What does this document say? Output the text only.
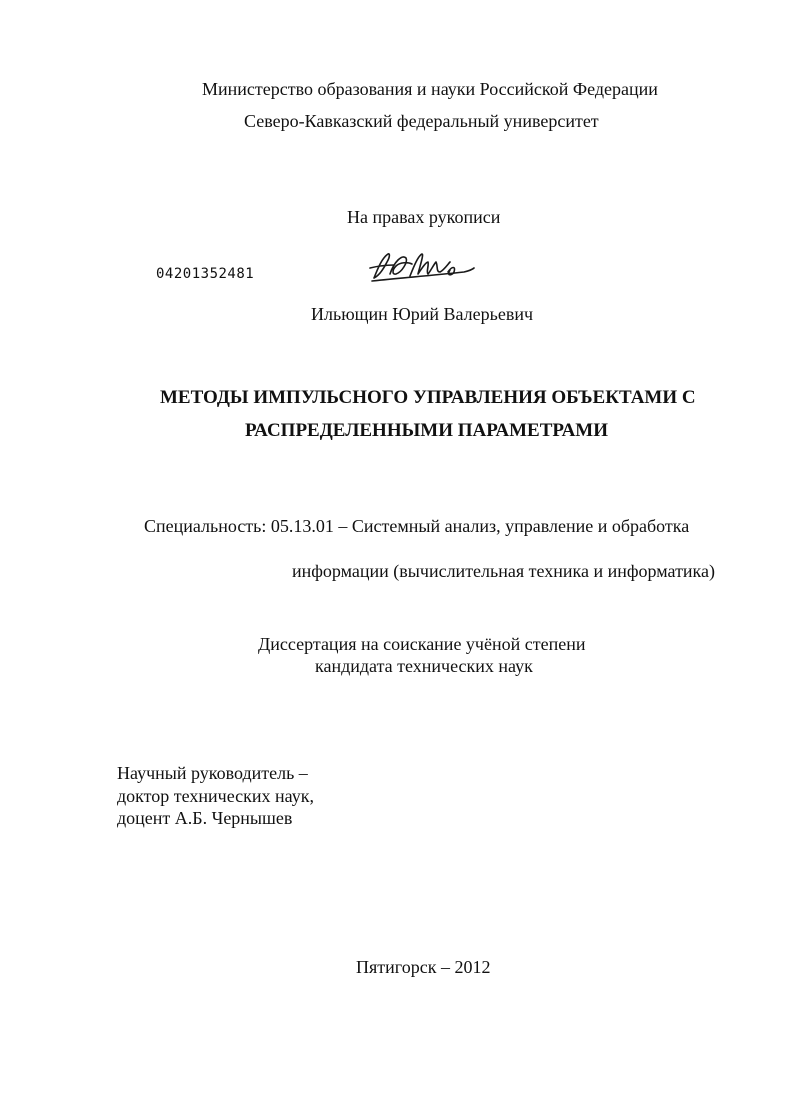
Министерство образования и науки Российской Федерации
Северо-Кавказский федеральный университет
На правах рукописи
04201352481
Ильющин Юрий Валерьевич
МЕТОДЫ ИМПУЛЬСНОГО УПРАВЛЕНИЯ ОБЪЕКТАМИ С
РАСПРЕДЕЛЕННЫМИ ПАРАМЕТРАМИ
Специальность: 05.13.01 – Системный анализ, управление и обработка
информации (вычислительная техника и информатика)
Диссертация на соискание учёной степени
кандидата технических наук
Научный руководитель –
доктор технических наук,
доцент А.Б. Чернышев
Пятигорск – 2012
